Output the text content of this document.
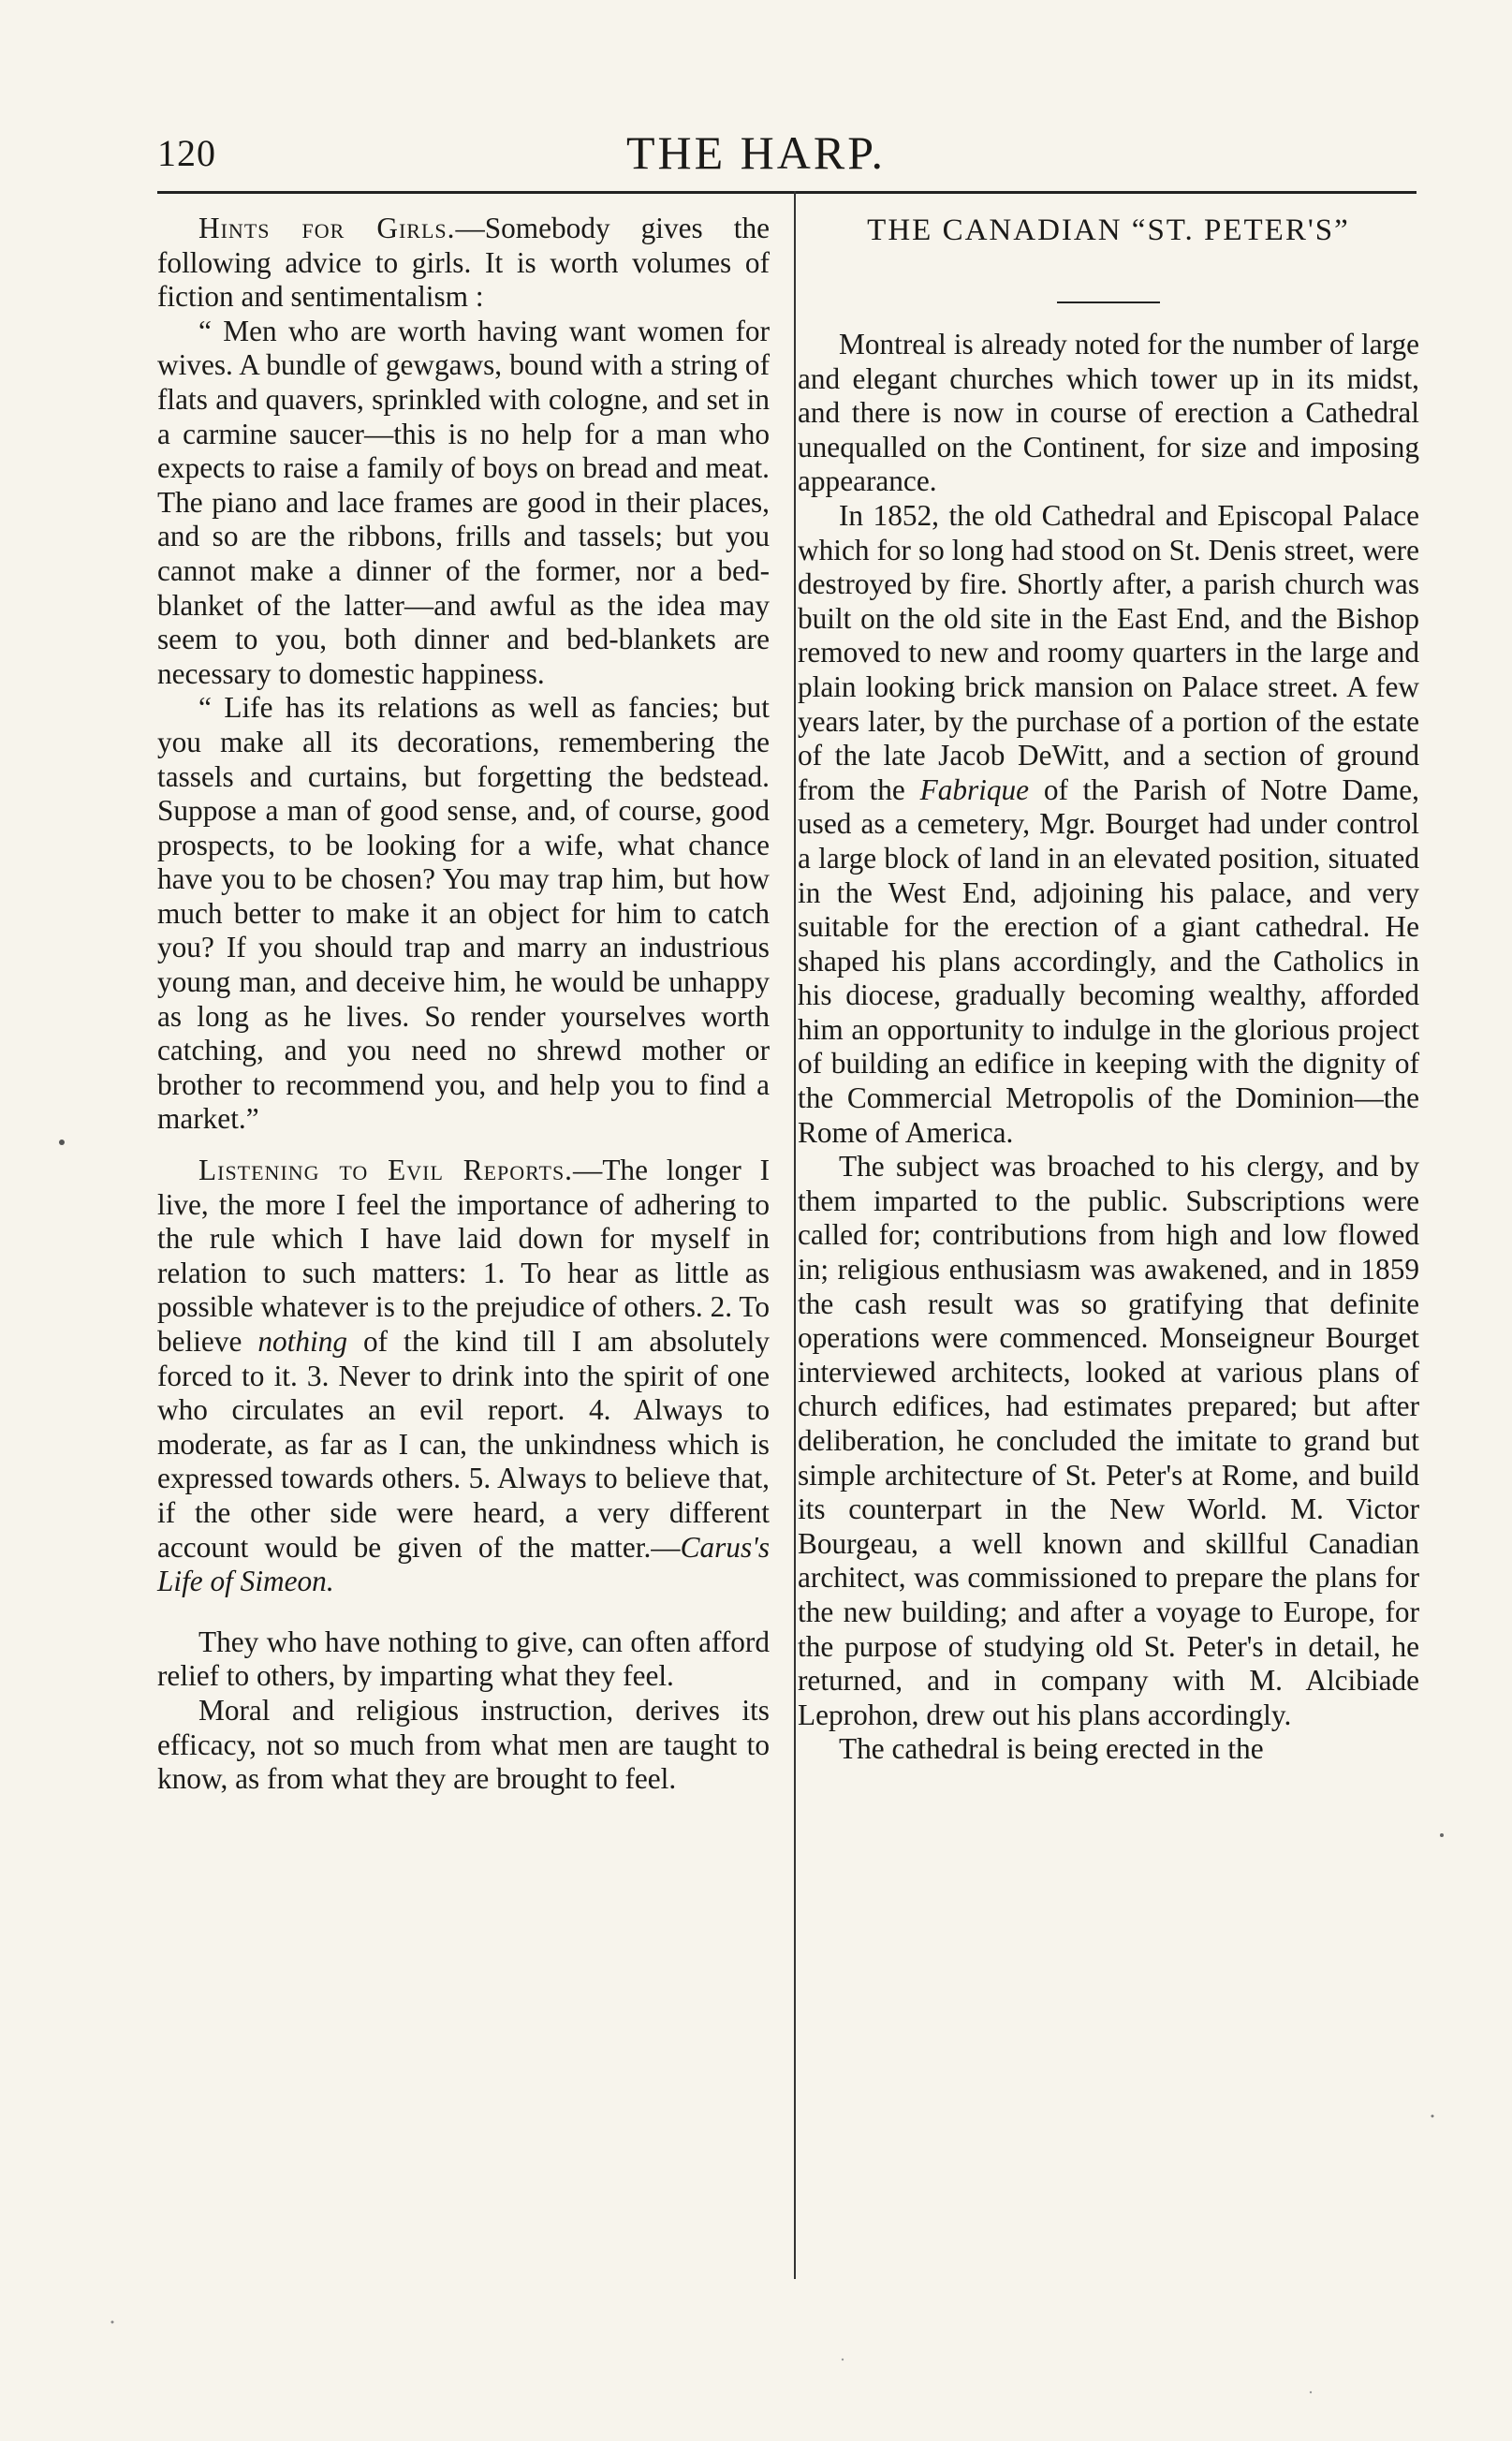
120	THE HARP.

Hints for Girls.—Somebody gives the following advice to girls. It is worth volumes of fiction and sentimentalism :

“ Men who are worth having want women for wives. A bundle of gewgaws, bound with a string of flats and quavers, sprinkled with cologne, and set in a carmine saucer—this is no help for a man who expects to raise a family of boys on bread and meat. The piano and lace frames are good in their places, and so are the ribbons, frills and tassels; but you cannot make a dinner of the former, nor a bed-blanket of the latter—and awful as the idea may seem to you, both dinner and bed-blankets are necessary to domestic happiness.

“ Life has its relations as well as fancies; but you make all its decorations, remembering the tassels and curtains, but forgetting the bedstead. Suppose a man of good sense, and, of course, good prospects, to be looking for a wife, what chance have you to be chosen? You may trap him, but how much better to make it an object for him to catch you? If you should trap and marry an industrious young man, and deceive him, he would be unhappy as long as he lives. So render yourselves worth catching, and you need no shrewd mother or brother to recommend you, and help you to find a market.”

Listening to Evil Reports.—The longer I live, the more I feel the importance of adhering to the rule which I have laid down for myself in relation to such matters: 1. To hear as little as possible whatever is to the prejudice of others. 2. To believe nothing of the kind till I am absolutely forced to it. 3. Never to drink into the spirit of one who circulates an evil report. 4. Always to moderate, as far as I can, the unkindness which is expressed towards others. 5. Always to believe that, if the other side were heard, a very different account would be given of the matter.—Carus's Life of Simeon.

They who have nothing to give, can often afford relief to others, by imparting what they feel.

Moral and religious instruction, derives its efficacy, not so much from what men are taught to know, as from what they are brought to feel.

THE CANADIAN “ST. PETER'S”

Montreal is already noted for the number of large and elegant churches which tower up in its midst, and there is now in course of erection a Cathedral unequalled on the Continent, for size and imposing appearance.

In 1852, the old Cathedral and Episcopal Palace which for so long had stood on St. Denis street, were destroyed by fire. Shortly after, a parish church was built on the old site in the East End, and the Bishop removed to new and roomy quarters in the large and plain looking brick mansion on Palace street. A few years later, by the purchase of a portion of the estate of the late Jacob DeWitt, and a section of ground from the Fabrique of the Parish of Notre Dame, used as a cemetery, Mgr. Bourget had under control a large block of land in an elevated position, situated in the West End, adjoining his palace, and very suitable for the erection of a giant cathedral. He shaped his plans accordingly, and the Catholics in his diocese, gradually becoming wealthy, afforded him an opportunity to indulge in the glorious project of building an edifice in keeping with the dignity of the Commercial Metropolis of the Dominion—the Rome of America.

The subject was broached to his clergy, and by them imparted to the public. Subscriptions were called for; contributions from high and low flowed in; religious enthusiasm was awakened, and in 1859 the cash result was so gratifying that definite operations were commenced. Monseigneur Bourget interviewed architects, looked at various plans of church edifices, had estimates prepared; but after deliberation, he concluded the imitate to grand but simple architecture of St. Peter's at Rome, and build its counterpart in the New World. M. Victor Bourgeau, a well known and skillful Canadian architect, was commissioned to prepare the plans for the new building; and after a voyage to Europe, for the purpose of studying old St. Peter's in detail, he returned, and in company with M. Alcibiade Leprohon, drew out his plans accordingly.

The cathedral is being erected in the
